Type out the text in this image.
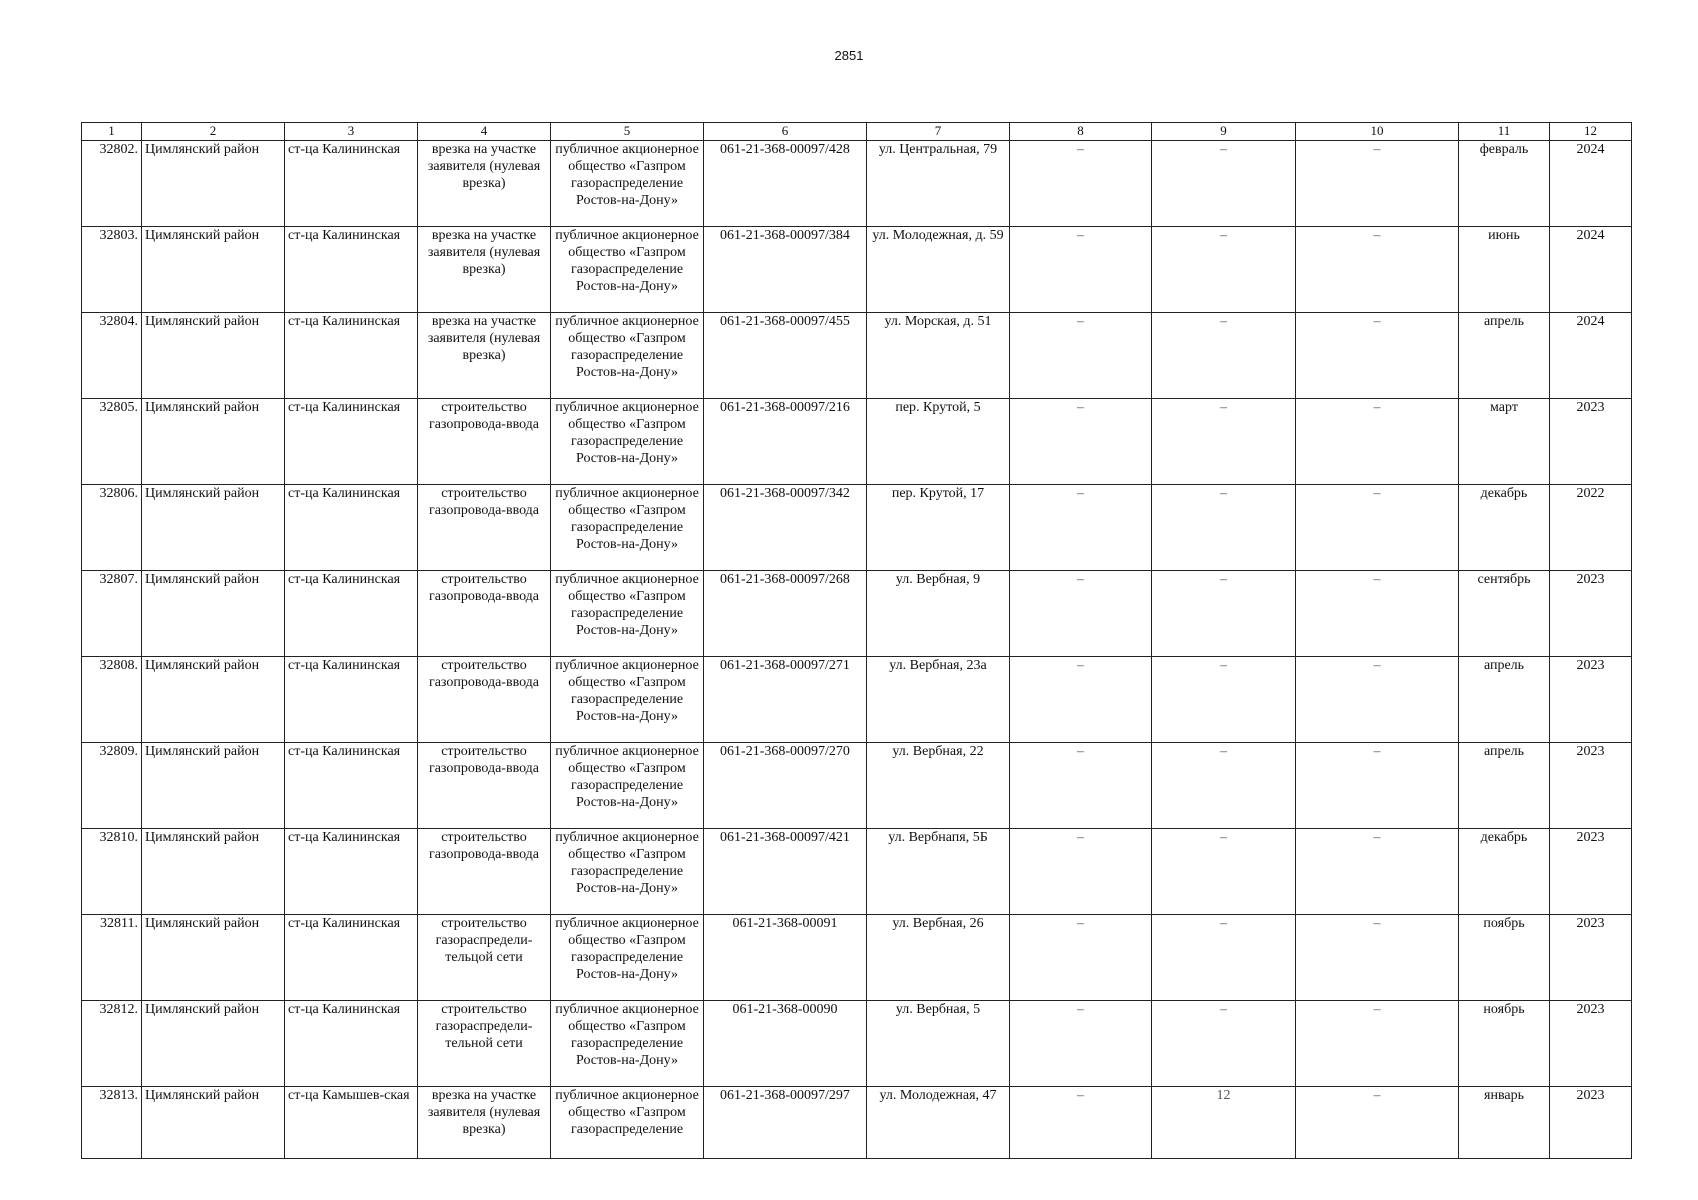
2851
1	2	3	4	5	6	7	8	9	10	11	12
32802.	Цимлянский район	ст-ца Калининская	врезка на участке заявителя (нулевая врезка)	публичное акционерное общество «Газпром газораспределение Ростов-на-Дону»	061-21-368-00097/428	ул. Центральная, 79	–	–	–	февраль	2024
32803.	Цимлянский район	ст-ца Калининская	врезка на участке заявителя (нулевая врезка)	публичное акционерное общество «Газпром газораспределение Ростов-на-Дону»	061-21-368-00097/384	ул. Молодежная, д. 59	–	–	–	июнь	2024
32804.	Цимлянский район	ст-ца Калининская	врезка на участке заявителя (нулевая врезка)	публичное акционерное общество «Газпром газораспределение Ростов-на-Дону»	061-21-368-00097/455	ул. Морская, д. 51	–	–	–	апрель	2024
32805.	Цимлянский район	ст-ца Калининская	строительство газопровода-ввода	публичное акционерное общество «Газпром газораспределение Ростов-на-Дону»	061-21-368-00097/216	пер. Крутой, 5	–	–	–	март	2023
32806.	Цимлянский район	ст-ца Калининская	строительство газопровода-ввода	публичное акционерное общество «Газпром газораспределение Ростов-на-Дону»	061-21-368-00097/342	пер. Крутой, 17	–	–	–	декабрь	2022
32807.	Цимлянский район	ст-ца Калининская	строительство газопровода-ввода	публичное акционерное общество «Газпром газораспределение Ростов-на-Дону»	061-21-368-00097/268	ул. Вербная, 9	–	–	–	сентябрь	2023
32808.	Цимлянский район	ст-ца Калининская	строительство газопровода-ввода	публичное акционерное общество «Газпром газораспределение Ростов-на-Дону»	061-21-368-00097/271	ул. Вербная, 23а	–	–	–	апрель	2023
32809.	Цимлянский район	ст-ца Калининская	строительство газопровода-ввода	публичное акционерное общество «Газпром газораспределение Ростов-на-Дону»	061-21-368-00097/270	ул. Вербная, 22	–	–	–	апрель	2023
32810.	Цимлянский район	ст-ца Калининская	строительство газопровода-ввода	публичное акционерное общество «Газпром газораспределение Ростов-на-Дону»	061-21-368-00097/421	ул. Вербнапя, 5Б	–	–	–	декабрь	2023
32811.	Цимлянский район	ст-ца Калининская	строительство газораспредели-тельцой сети	публичное акционерное общество «Газпром газораспределение Ростов-на-Дону»	061-21-368-00091	ул. Вербная, 26	–	–	–	поябрь	2023
32812.	Цимлянский район	ст-ца Калининская	строительство газораспредели-тельной сети	публичное акционерное общество «Газпром газораспределение Ростов-на-Дону»	061-21-368-00090	ул. Вербная, 5	–	–	–	ноябрь	2023
32813.	Цимлянский район	ст-ца Камышев-ская	врезка на участке заявителя (нулевая врезка)	публичное акционерное общество «Газпром газораспределение	061-21-368-00097/297	ул. Молодежная, 47	–	12	–	январь	2023
